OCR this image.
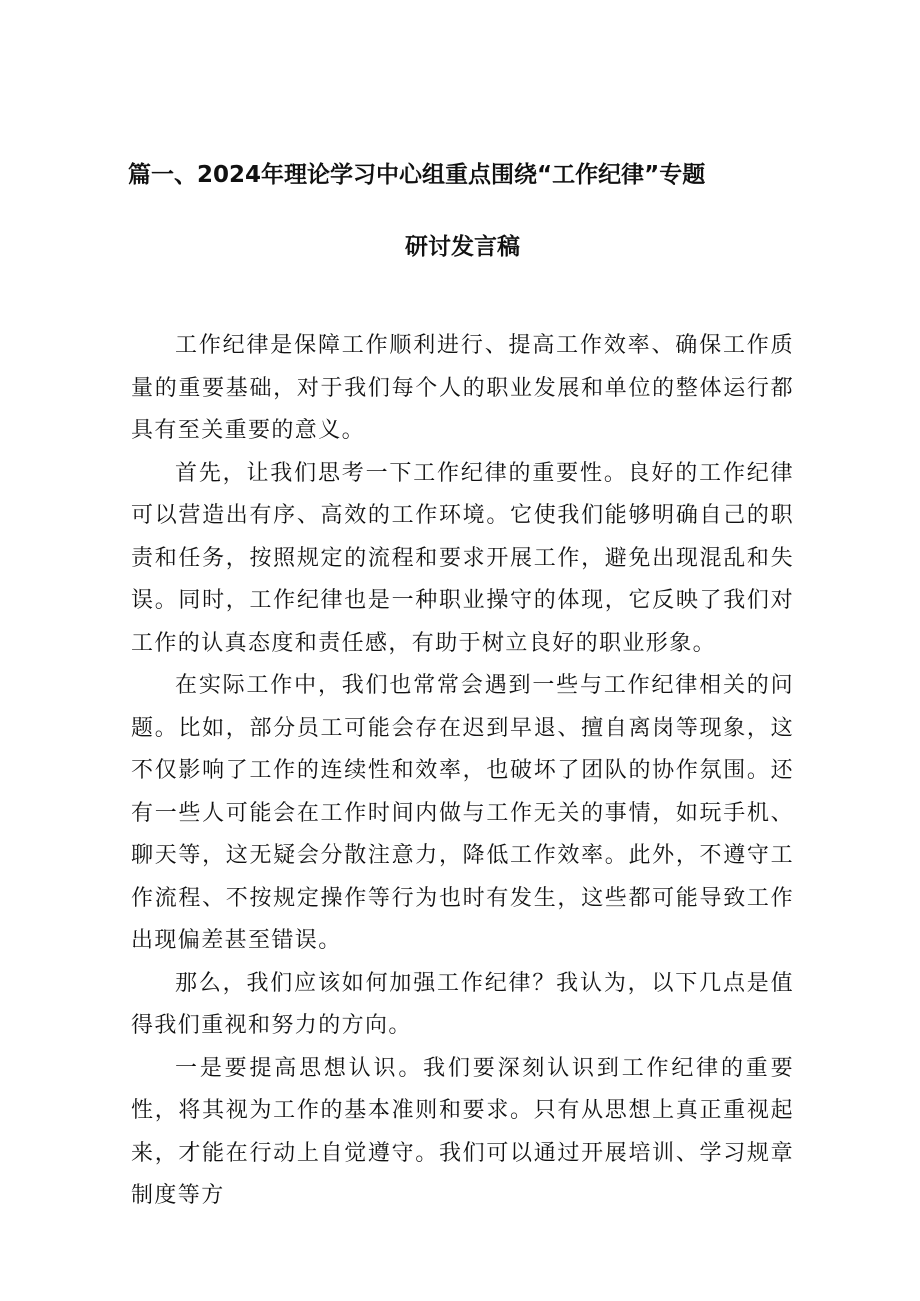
篇一、2024年理论学习中心组重点围绕“工作纪律”专题
研讨发言稿

工作纪律是保障工作顺利进行、提高工作效率、确保工作质量的重要基础，对于我们每个人的职业发展和单位的整体运行都具有至关重要的意义。

首先，让我们思考一下工作纪律的重要性。良好的工作纪律可以营造出有序、高效的工作环境。它使我们能够明确自己的职责和任务，按照规定的流程和要求开展工作，避免出现混乱和失误。同时，工作纪律也是一种职业操守的体现，它反映了我们对工作的认真态度和责任感，有助于树立良好的职业形象。

在实际工作中，我们也常常会遇到一些与工作纪律相关的问题。比如，部分员工可能会存在迟到早退、擅自离岗等现象，这不仅影响了工作的连续性和效率，也破坏了团队的协作氛围。还有一些人可能会在工作时间内做与工作无关的事情，如玩手机、聊天等，这无疑会分散注意力，降低工作效率。此外，不遵守工作流程、不按规定操作等行为也时有发生，这些都可能导致工作出现偏差甚至错误。

那么，我们应该如何加强工作纪律？我认为，以下几点是值得我们重视和努力的方向。

一是要提高思想认识。我们要深刻认识到工作纪律的重要性，将其视为工作的基本准则和要求。只有从思想上真正重视起来，才能在行动上自觉遵守。我们可以通过开展培训、学习规章制度等方
